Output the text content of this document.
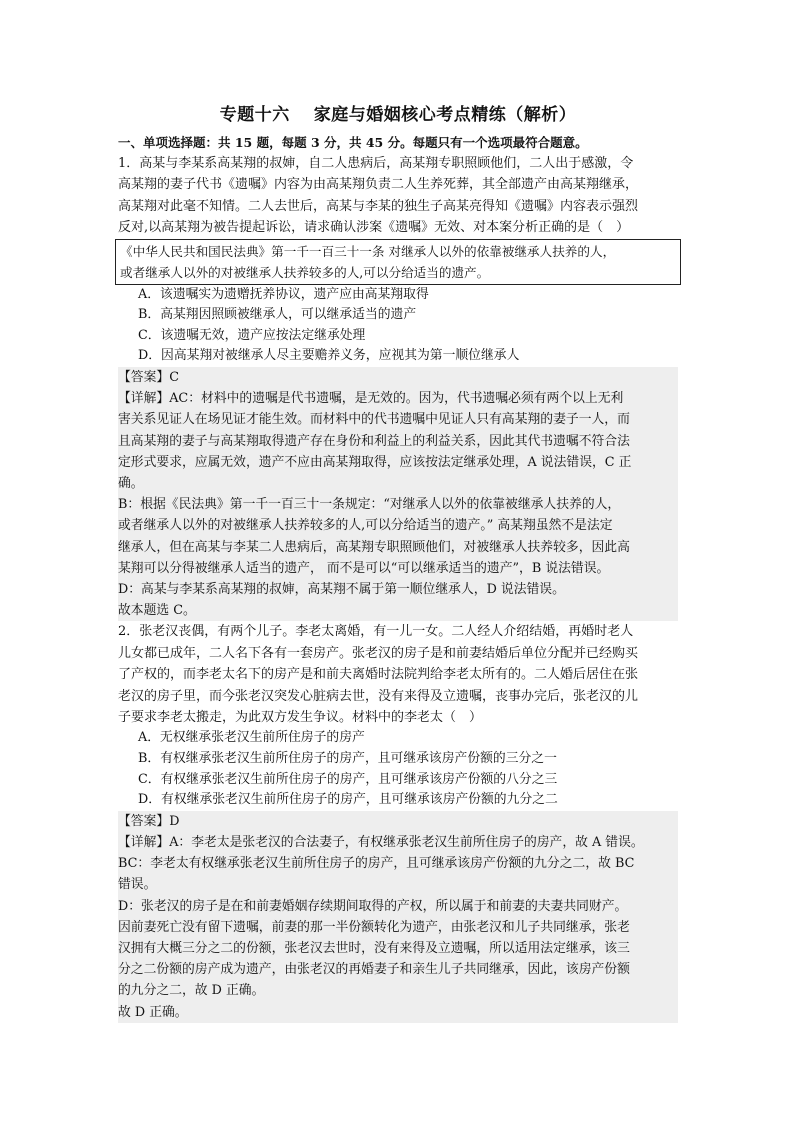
专题十六　 家庭与婚姻核心考点精练（解析）
一、单项选择题：共 15 题，每题 3 分，共 45 分。每题只有一个选项最符合题意。

1．高某与李某系高某翔的叔婶，自二人患病后，高某翔专职照顾他们，二人出于感激，令

高某翔的妻子代书《遗嘱》内容为由高某翔负责二人生养死葬，其全部遗产由高某翔继承，

高某翔对此毫不知情。二人去世后，高某与李某的独生子高某亮得知《遗嘱》内容表示强烈

反对,以高某翔为被告提起诉讼，请求确认涉案《遗嘱》无效、对本案分析正确的是（　）

《中华人民共和国民法典》第一千一百三十一条 对继承人以外的依靠被继承人扶养的人，

或者继承人以外的对被继承人扶养较多的人,可以分给适当的遗产。

A．该遗嘱实为遗赠抚养协议，遗产应由高某翔取得

B．高某翔因照顾被继承人，可以继承适当的遗产

C．该遗嘱无效，遗产应按法定继承处理

D．因高某翔对被继承人尽主要赡养义务，应视其为第一顺位继承人

【答案】C

【详解】AC：材料中的遗嘱是代书遗嘱，是无效的。因为，代书遗嘱必须有两个以上无利

害关系见证人在场见证才能生效。而材料中的代书遗嘱中见证人只有高某翔的妻子一人，而

且高某翔的妻子与高某翔取得遗产存在身份和利益上的利益关系，因此其代书遗嘱不符合法

定形式要求，应属无效，遗产不应由高某翔取得，应该按法定继承处理，A 说法错误，C 正

确。

B：根据《民法典》第一千一百三十一条规定：“对继承人以外的依靠被继承人扶养的人，

或者继承人以外的对被继承人扶养较多的人,可以分给适当的遗产。” 高某翔虽然不是法定

继承人，但在高某与李某二人患病后，高某翔专职照顾他们，对被继承人扶养较多，因此高

某翔可以分得被继承人适当的遗产， 而不是可以“可以继承适当的遗产”，B 说法错误。

D：高某与李某系高某翔的叔婶，高某翔不属于第一顺位继承人，D 说法错误。

故本题选 C。

2．张老汉丧偶，有两个儿子。李老太离婚，有一儿一女。二人经人介绍结婚，再婚时老人

儿女都已成年，二人名下各有一套房产。张老汉的房子是和前妻结婚后单位分配并已经购买

了产权的，而李老太名下的房产是和前夫离婚时法院判给李老太所有的。二人婚后居住在张

老汉的房子里，而今张老汉突发心脏病去世，没有来得及立遗嘱，丧事办完后，张老汉的儿

子要求李老太搬走，为此双方发生争议。材料中的李老太（　）

A．无权继承张老汉生前所住房子的房产

B．有权继承张老汉生前所住房子的房产，且可继承该房产份额的三分之一

C．有权继承张老汉生前所住房子的房产，且可继承该房产份额的八分之三

D．有权继承张老汉生前所住房子的房产，且可继承该房产份额的九分之二

【答案】D

【详解】A：李老太是张老汉的合法妻子，有权继承张老汉生前所住房子的房产，故 A 错误。

BC：李老太有权继承张老汉生前所住房子的房产，且可继承该房产份额的九分之二，故 BC

错误。

D：张老汉的房子是在和前妻婚姻存续期间取得的产权，所以属于和前妻的夫妻共同财产。

因前妻死亡没有留下遗嘱，前妻的那一半份额转化为遗产，由张老汉和儿子共同继承，张老

汉拥有大概三分之二的份额，张老汉去世时，没有来得及立遗嘱，所以适用法定继承，该三

分之二份额的房产成为遗产，由张老汉的再婚妻子和亲生儿子共同继承，因此，该房产份额

的九分之二，故 D 正确。

故 D 正确。
